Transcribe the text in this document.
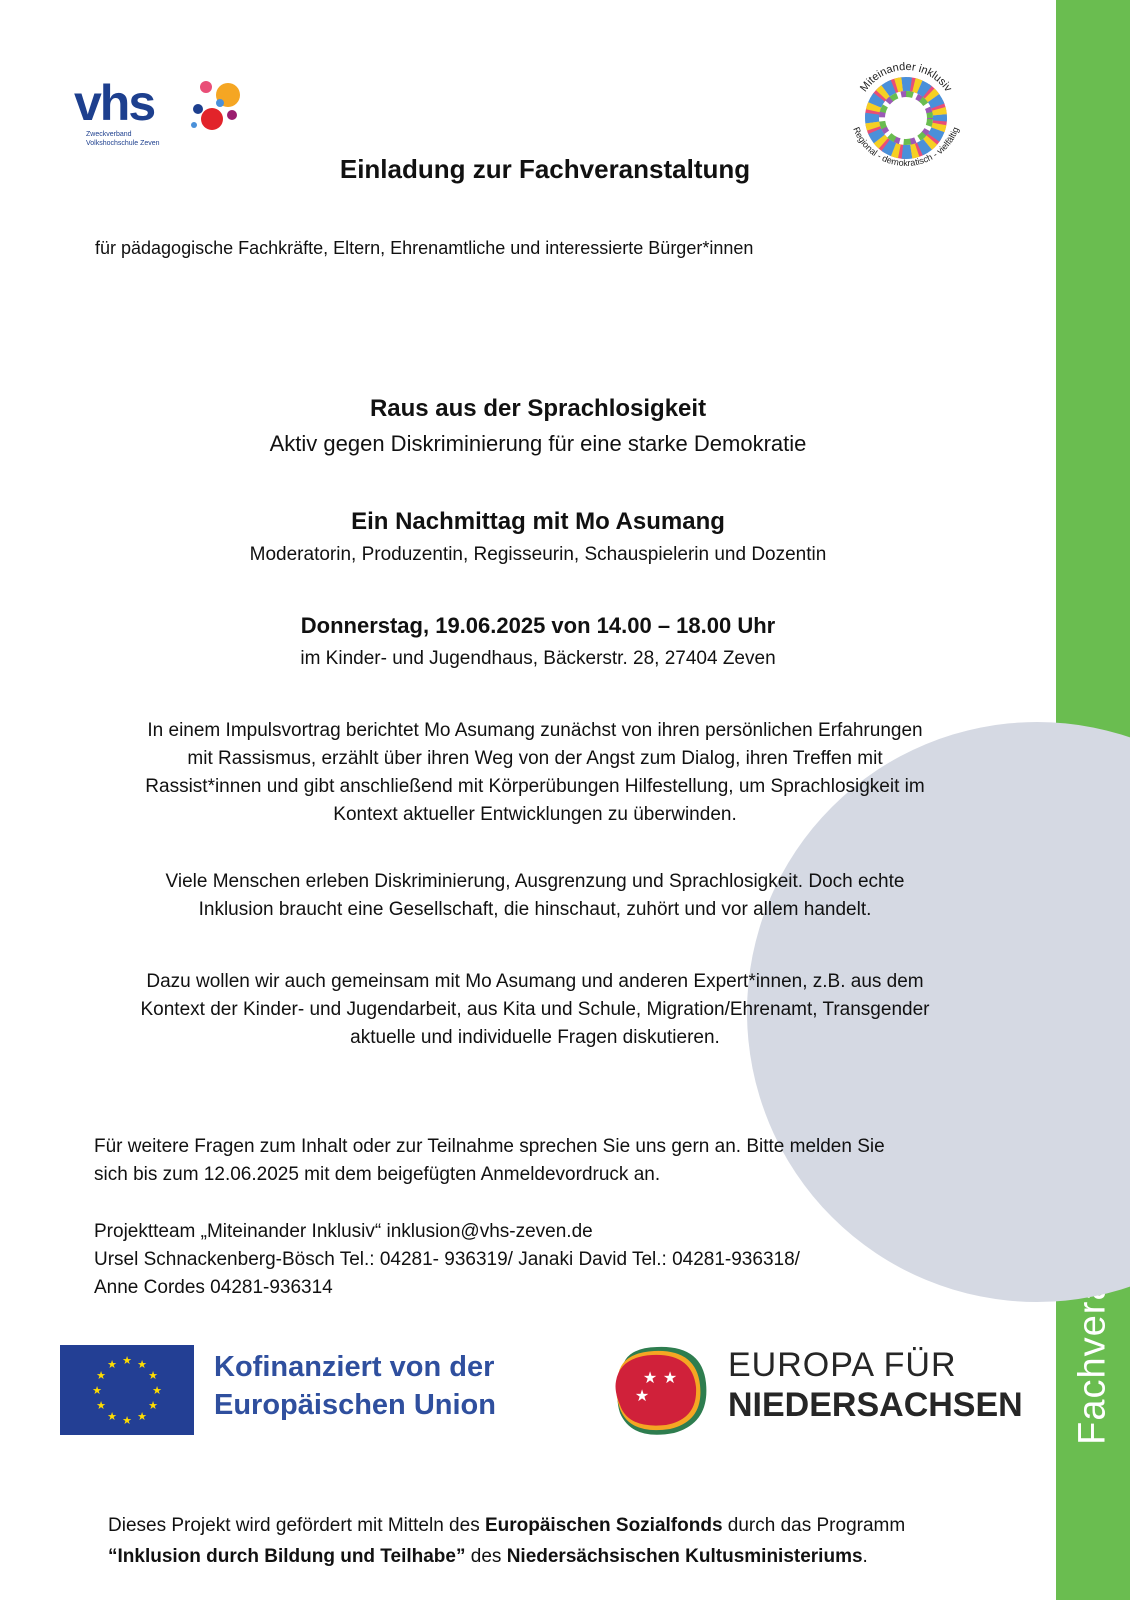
vhs
Zweckverband
Volkshochschule Zeven
Miteinander inklusiv
Regional - demokratisch - vielfältig
Einladung zur Fachveranstaltung
für pädagogische Fachkräfte, Eltern, Ehrenamtliche und interessierte Bürger*innen
Raus aus der Sprachlosigkeit
Aktiv gegen Diskriminierung für eine starke Demokratie
Ein Nachmittag mit Mo Asumang
Moderatorin, Produzentin, Regisseurin, Schauspielerin und Dozentin
Donnerstag, 19.06.2025 von 14.00 – 18.00 Uhr
im Kinder- und Jugendhaus, Bäckerstr. 28, 27404 Zeven
In einem Impulsvortrag berichtet Mo Asumang zunächst von ihren persönlichen Erfahrungen
mit Rassismus, erzählt über ihren Weg von der Angst zum Dialog, ihren Treffen mit
Rassist*innen und gibt anschließend mit Körperübungen Hilfestellung, um Sprachlosigkeit im
Kontext aktueller Entwicklungen zu überwinden.
Viele Menschen erleben Diskriminierung, Ausgrenzung und Sprachlosigkeit. Doch echte
Inklusion braucht eine Gesellschaft, die hinschaut, zuhört und vor allem handelt.
Dazu wollen wir auch gemeinsam mit Mo Asumang und anderen Expert*innen, z.B. aus dem
Kontext der Kinder- und Jugendarbeit, aus Kita und Schule, Migration/Ehrenamt, Transgender
aktuelle und individuelle Fragen diskutieren.
Für weitere Fragen zum Inhalt oder zur Teilnahme sprechen Sie uns gern an. Bitte melden Sie
sich bis zum 12.06.2025 mit dem beigefügten Anmeldevordruck an.
Projektteam „Miteinander Inklusiv“ inklusion@vhs-zeven.de
Ursel Schnackenberg-Bösch Tel.: 04281- 936319/ Janaki David Tel.: 04281-936318/
Anne Cordes 04281-936314
★ ★
★
★
★
★
★
★
★
★
★
★	Kofinanziert von der
Europäischen Union
★ ★
★
EUROPA FÜR
NIEDERSACHSEN
Dieses Projekt wird gefördert mit Mitteln des Europäischen Sozialfonds durch das Programm
“Inklusion durch Bildung und Teilhabe” des Niedersächsischen Kultusministeriums.
